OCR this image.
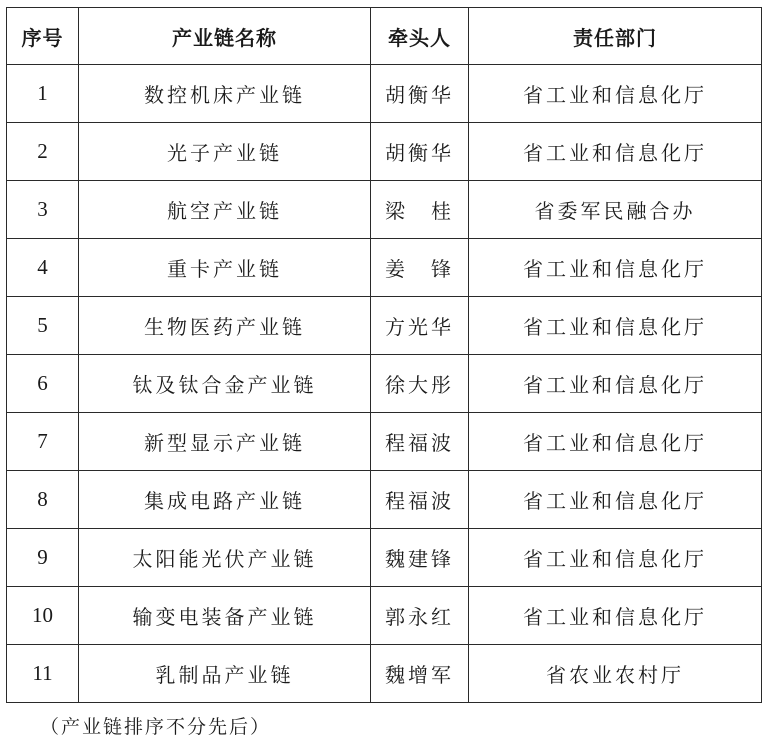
序号	产业链名称	牵头人	责任部门
1	数控机床产业链	胡衡华	省工业和信息化厅
2	光子产业链	胡衡华	省工业和信息化厅
3	航空产业链	梁　桂	省委军民融合办
4	重卡产业链	姜　锋	省工业和信息化厅
5	生物医药产业链	方光华	省工业和信息化厅
6	钛及钛合金产业链	徐大彤	省工业和信息化厅
7	新型显示产业链	程福波	省工业和信息化厅
8	集成电路产业链	程福波	省工业和信息化厅
9	太阳能光伏产业链	魏建锋	省工业和信息化厅
10	输变电装备产业链	郭永红	省工业和信息化厅
11	乳制品产业链	魏增军	省农业农村厅
（产业链排序不分先后）
